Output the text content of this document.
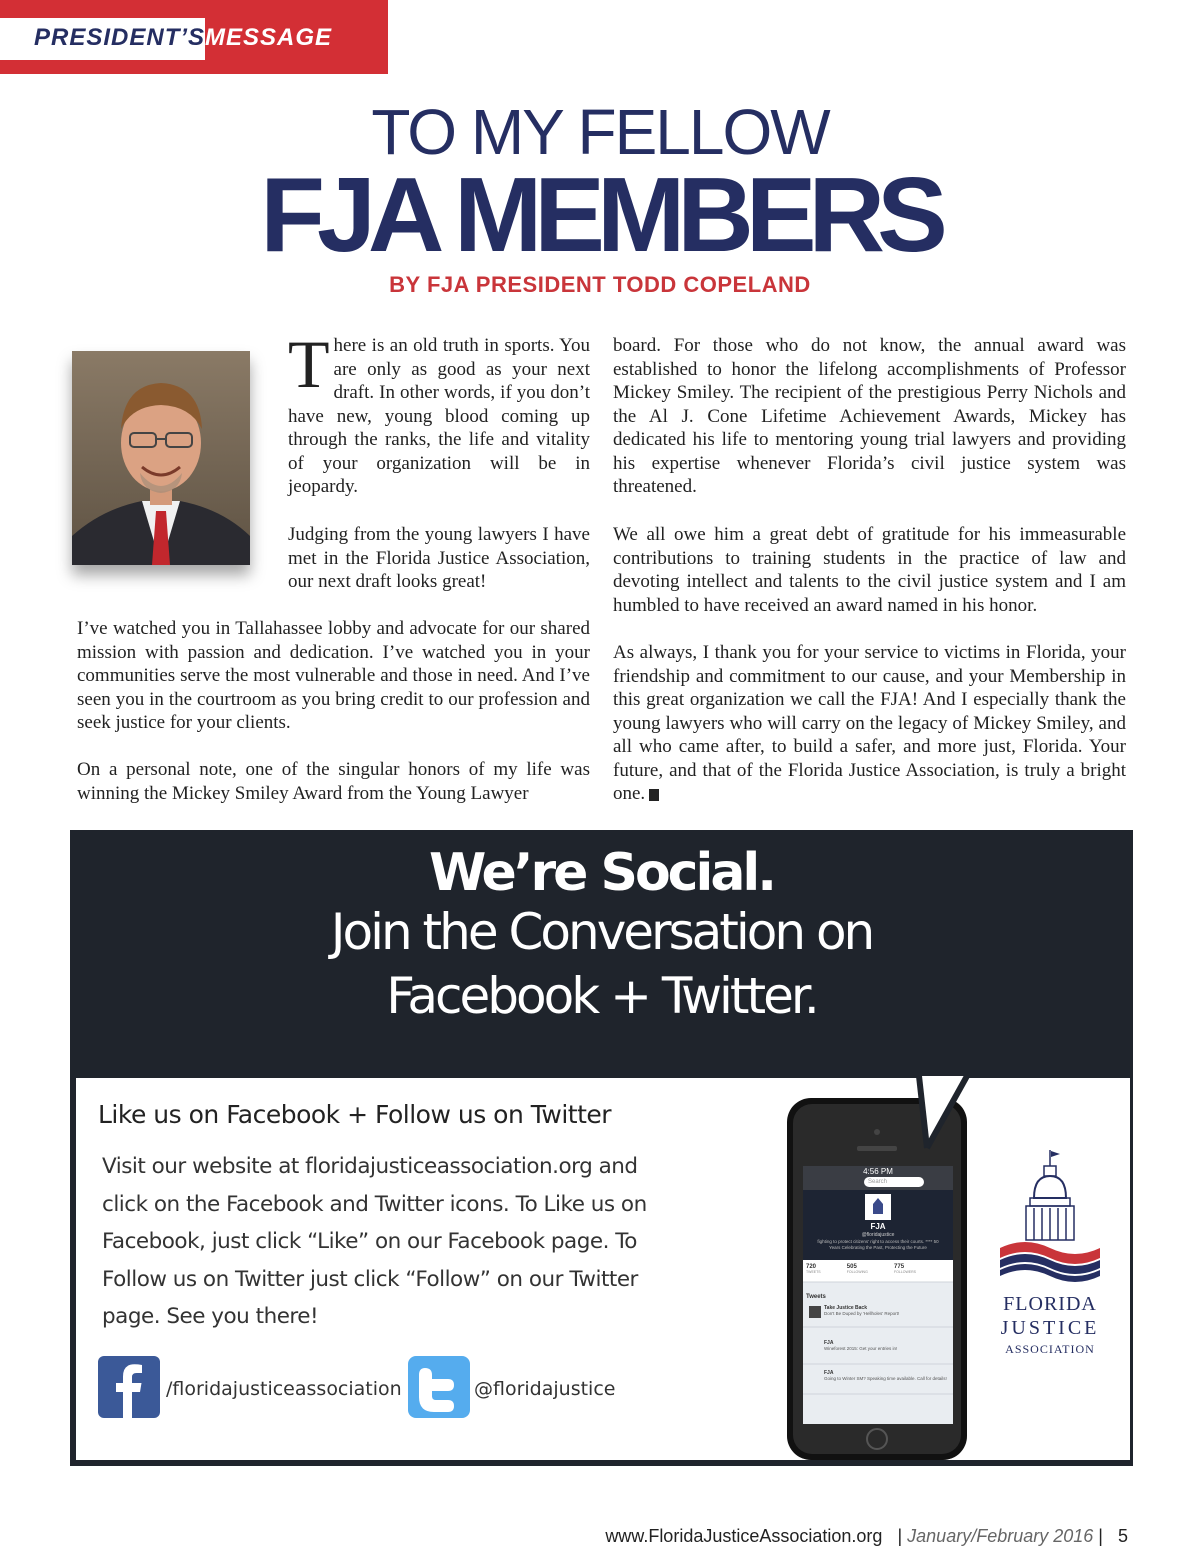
PRESIDENT’SMESSAGE
TO MY FELLOW
FJA MEMBERS
BY FJA PRESIDENT TODD COPELAND

There is an old truth in sports. You are only as good as your next draft. In other words, if you don’t have new, young blood coming up through the ranks, the life and vitality of your organization will be in jeopardy.

Judging from the young lawyers I have met in the Florida Justice Association, our next draft looks great!

I’ve watched you in Tallahassee lobby and advocate for our shared mission with passion and dedication. I’ve watched you in your communities serve the most vulnerable and those in need. And I’ve seen you in the courtroom as you bring credit to our profession and seek justice for your clients.

On a personal note, one of the singular honors of my life was winning the Mickey Smiley Award from the Young Lawyer

board. For those who do not know, the annual award was established to honor the lifelong accomplishments of Professor Mickey Smiley. The recipient of the prestigious Perry Nichols and the Al J. Cone Lifetime Achievement Awards, Mickey has dedicated his life to mentoring young trial lawyers and providing his expertise whenever Florida’s civil justice system was threatened.

We all owe him a great debt of gratitude for his immeasurable contributions to training students in the practice of law and devoting intellect and talents to the civil justice system and I am humbled to have received an award named in his honor.

As always, I thank you for your service to victims in Florida, your friendship and commitment to our cause, and your Membership in this great organization we call the FJA! And I especially thank the young lawyers who will carry on the legacy of Mickey Smiley, and all who came after, to build a safer, and more just, Florida. Your future, and that of the Florida Justice Association, is truly a bright one.

We’re Social.
Join the Conversation on
Facebook + Twitter.
Like us on Facebook + Follow us on Twitter

Visit our website at floridajusticeassociation.org and click on the Facebook and Twitter icons. To Like us on Facebook, just click “Like” on our Facebook page. To Follow us on Twitter just click “Follow” on our Twitter page. See you there!

/floridajusticeassociation	@floridajustice
4:56 PM
Search
FJA
@floridajustice
fighting to protect citizens' right to access their courts. **** 50 Years Celebrating the Past, Protecting the Future
720
TWEETS
505
FOLLOWING
775
FOLLOWERS
Tweets
Take Justice Back
Don't Be Duped by 'Hellholes' Report!
FJA
Wineforest 2015: Get your entries in!
FJA
Going to Winter SM? Speaking time available. Call for details!
FLORIDA
JUSTICE
ASSOCIATION
www.FloridaJusticeAssociation.org | January/February 2016 | 5
